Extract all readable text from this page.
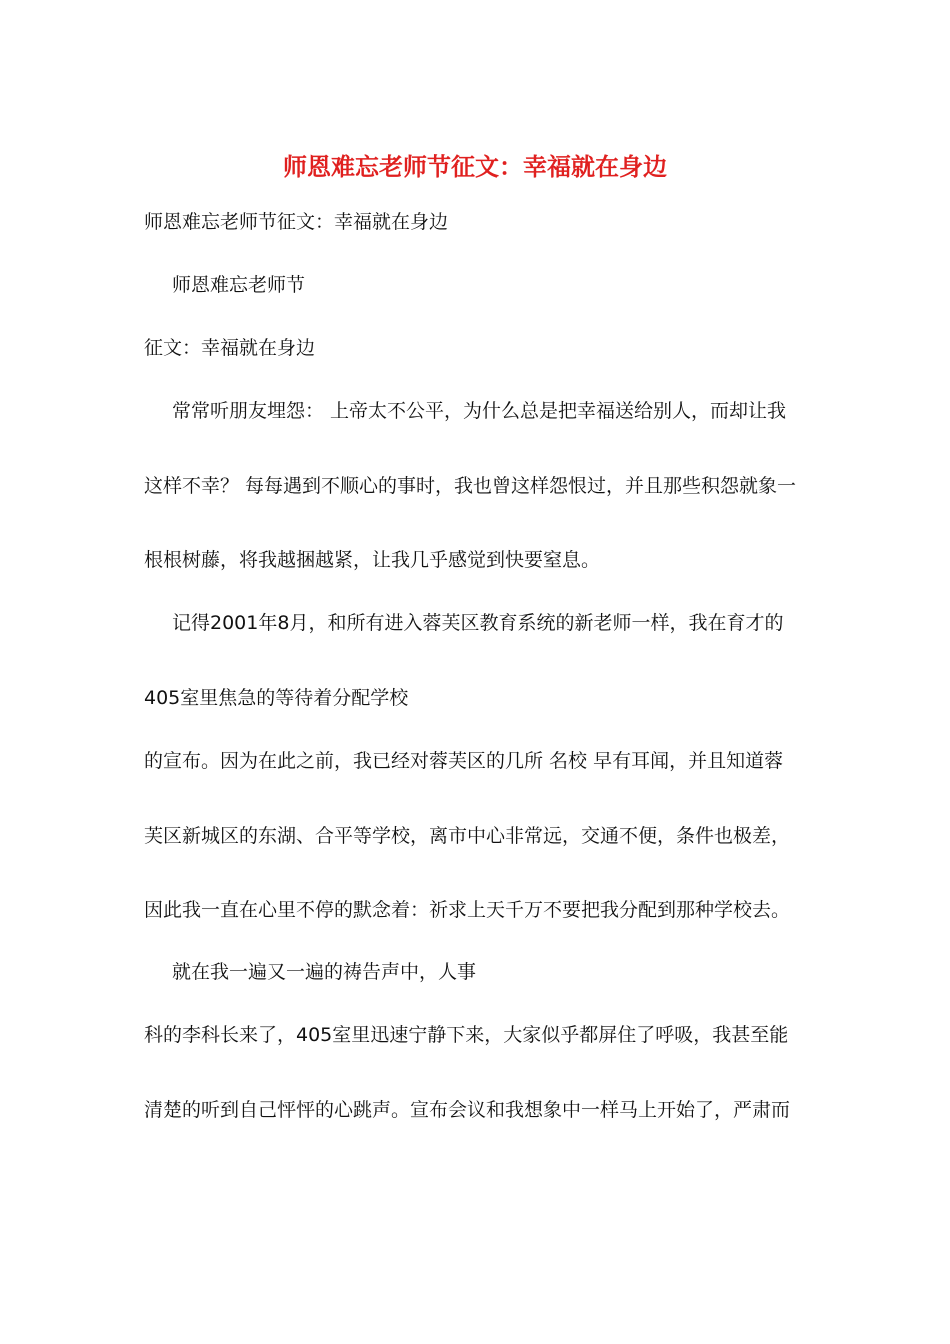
师恩难忘老师节征文：幸福就在身边
师恩难忘老师节征文：幸福就在身边
师恩难忘老师节
征文：幸福就在身边
常常听朋友埋怨： 上帝太不公平，为什么总是把幸福送给别人，而却让我
这样不幸？ 每每遇到不顺心的事时，我也曾这样怨恨过，并且那些积怨就象一
根根树藤，将我越捆越紧，让我几乎感觉到快要窒息。
记得2001年8月，和所有进入蓉芙区教育系统的新老师一样，我在育才的
405室里焦急的等待着分配学校
的宣布。因为在此之前，我已经对蓉芙区的几所 名校 早有耳闻，并且知道蓉
芙区新城区的东湖、合平等学校，离市中心非常远，交通不便，条件也极差，
因此我一直在心里不停的默念着：祈求上天千万不要把我分配到那种学校去。
就在我一遍又一遍的祷告声中，人事
科的李科长来了，405室里迅速宁静下来，大家似乎都屏住了呼吸，我甚至能
清楚的听到自己怦怦的心跳声。宣布会议和我想象中一样马上开始了，严肃而
